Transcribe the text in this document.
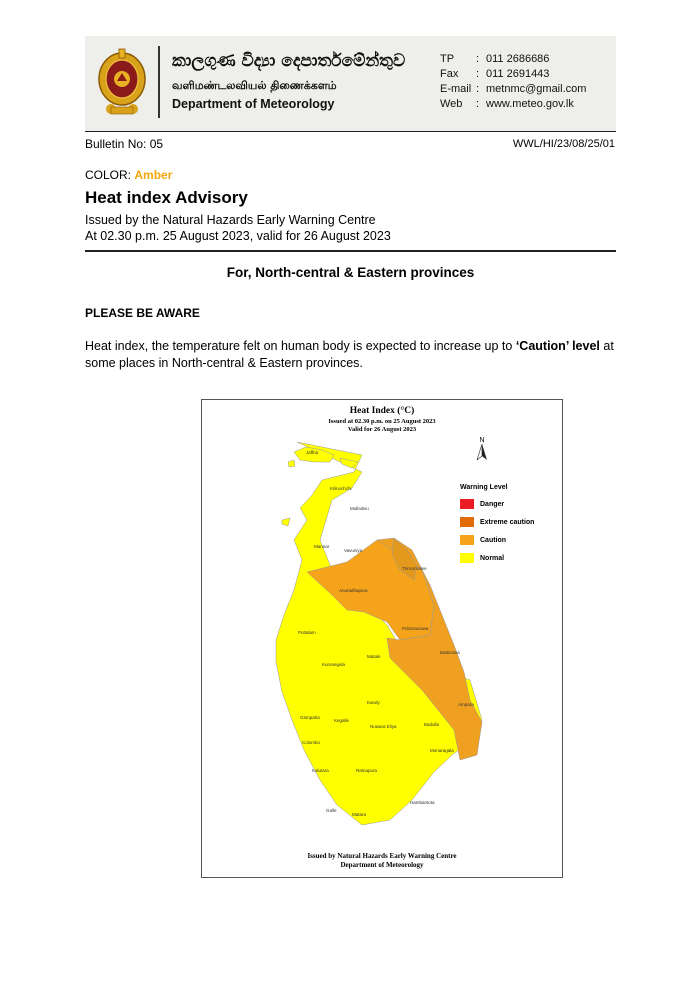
කාලගුණ විද්‍යා දෙපාර්තමේන්තුව
வளிமண்டலவியல் திணைக்களம்
Department of Meteorology
TP	: 011 2686686
Fax	: 011 2691443
E-mail : metnmc@gmail.com
Web	: www.meteo.gov.lk
Bulletin No: 05	WWL/HI/23/08/25/01
COLOR: Amber
Heat index Advisory
Issued by the Natural Hazards Early Warning Centre
At 02.30 p.m. 25 August 2023, valid for 26 August 2023
For, North-central & Eastern provinces
PLEASE BE AWARE
Heat index, the temperature felt on human body is expected to increase up to ‘Caution’ level at some places in North-central & Eastern provinces.
Heat Index (°C)
Issued at 02.30 p.m. on 25 August 2023
Valid for 26 August 2023
N
Warning Level
Danger
Extreme caution
Caution
Normal
Jaffna
Kilinochchi
Mullaitivu
Mannar
Vavuniya
Trincomalee
Anuradhapura
Puttalam
Polonnaruwa
Batticaloa
Matale
Kurunegala
Ampara
Kandy
Gampaha
Kegalle
Nuwara Eliya	Badulla
Colombo
Monaragala
Kalutara	Ratnapura
Hambantota
Galle
Matara
Issued by Natural Hazards Early Warning Centre
Department of Meteorology
